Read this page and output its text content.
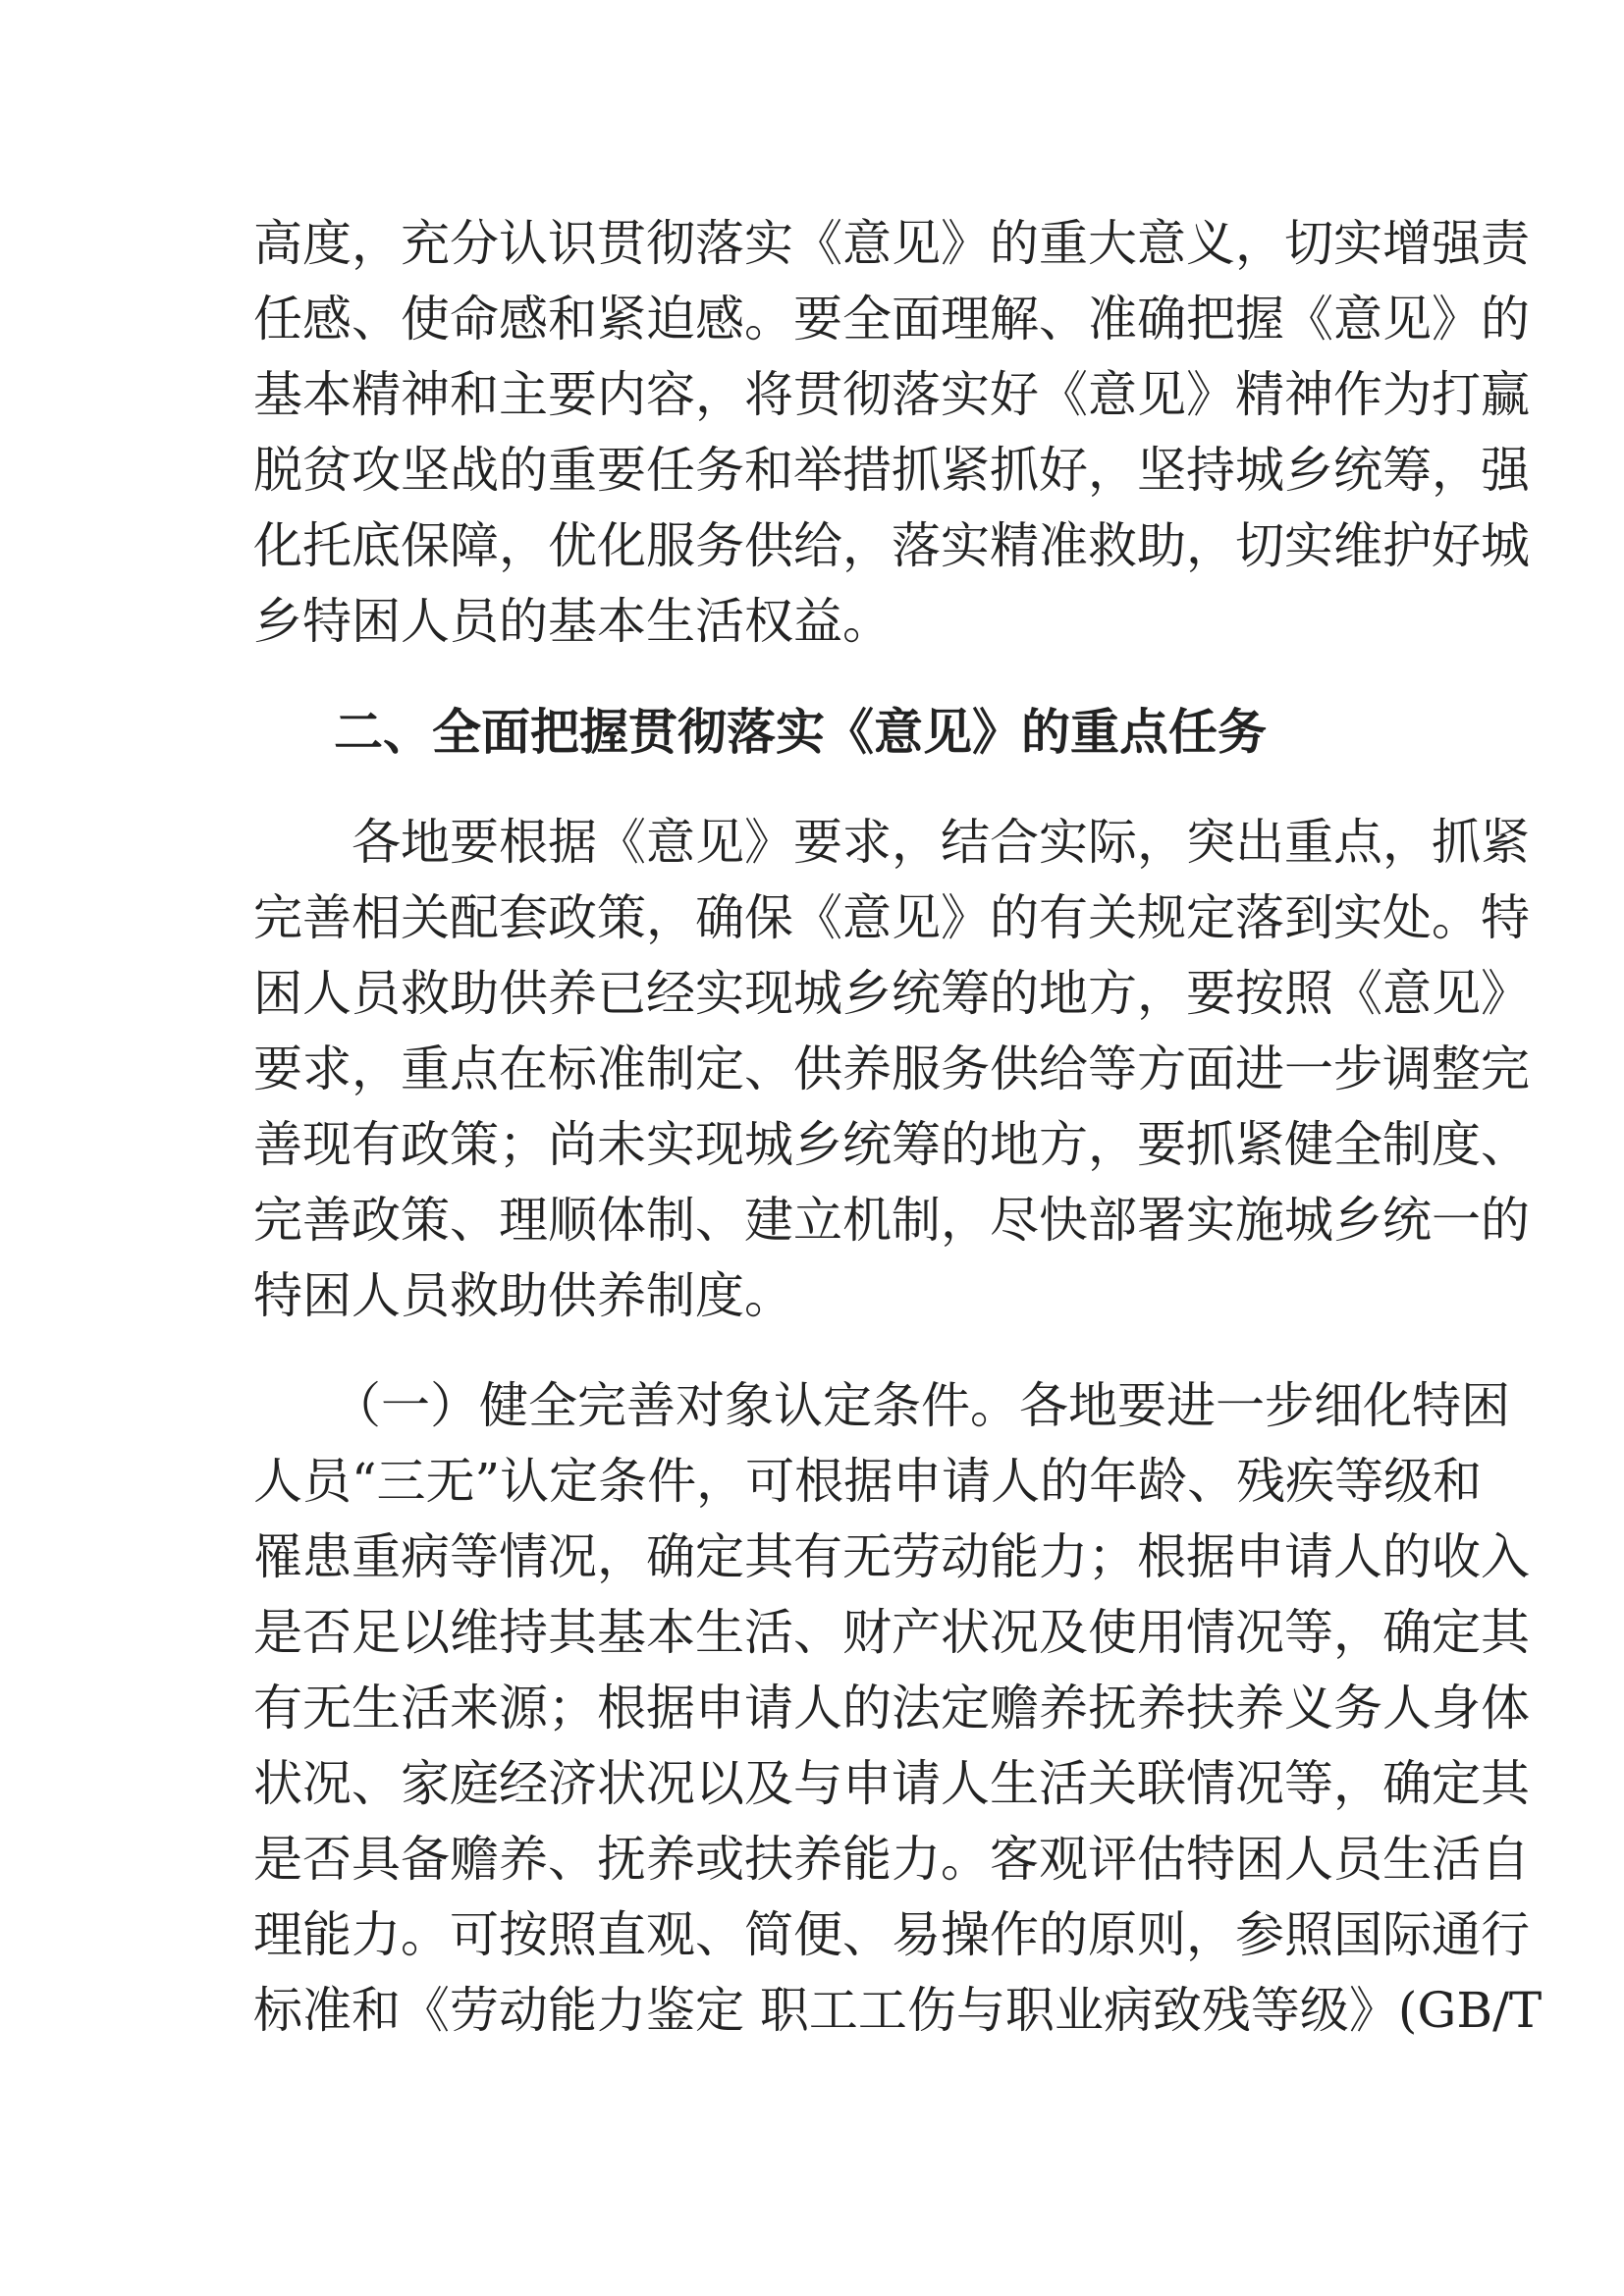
高度，充分认识贯彻落实《意见》的重大意义，切实增强责
任感、使命感和紧迫感。要全面理解、准确把握《意见》的
基本精神和主要内容，将贯彻落实好《意见》精神作为打赢
脱贫攻坚战的重要任务和举措抓紧抓好，坚持城乡统筹，强
化托底保障，优化服务供给，落实精准救助，切实维护好城
乡特困人员的基本生活权益。
二、全面把握贯彻落实《意见》的重点任务
各地要根据《意见》要求，结合实际，突出重点，抓紧
完善相关配套政策，确保《意见》的有关规定落到实处。特
困人员救助供养已经实现城乡统筹的地方，要按照《意见》
要求，重点在标准制定、供养服务供给等方面进一步调整完
善现有政策；尚未实现城乡统筹的地方，要抓紧健全制度、
完善政策、理顺体制、建立机制，尽快部署实施城乡统一的
特困人员救助供养制度。
（一）健全完善对象认定条件。各地要进一步细化特困
人员“三无”认定条件，可根据申请人的年龄、残疾等级和
罹患重病等情况，确定其有无劳动能力；根据申请人的收入
是否足以维持其基本生活、财产状况及使用情况等，确定其
有无生活来源；根据申请人的法定赡养抚养扶养义务人身体
状况、家庭经济状况以及与申请人生活关联情况等，确定其
是否具备赡养、抚养或扶养能力。客观评估特困人员生活自
理能力。可按照直观、简便、易操作的原则，参照国际通行
标准和《劳动能力鉴定 职工工伤与职业病致残等级》(GB/T
